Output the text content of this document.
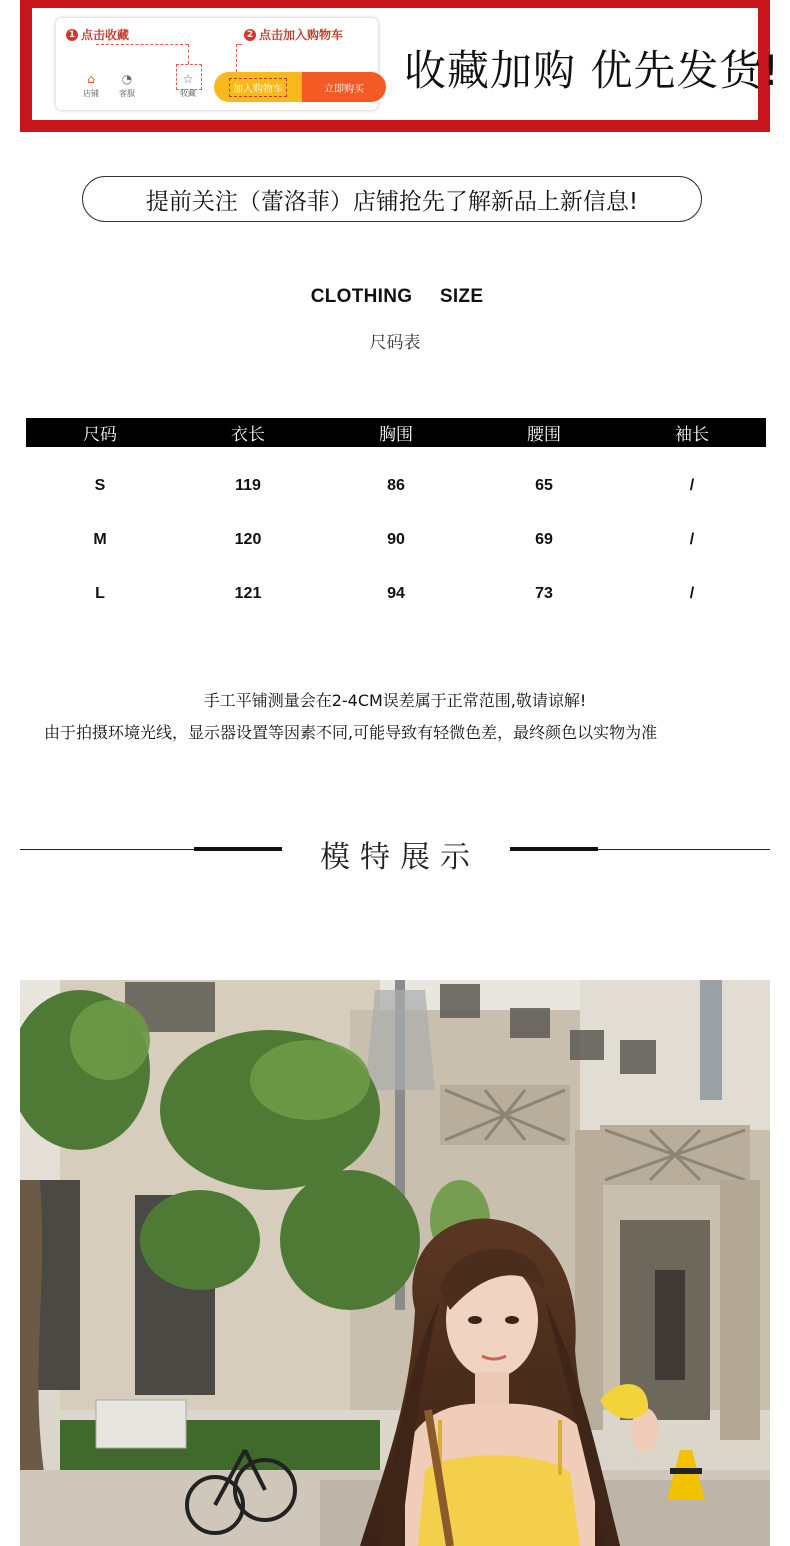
1 点击收藏	2 点击加入购物车
⌂
店铺
◔
客服
☆
收藏	加入购物车	立即购买 收藏加购 优先发货!
提前关注（蕾洛菲）店铺抢先了解新品上新信息!
CLOTHING SIZE
尺码表
尺码	衣长	胸围	腰围	袖长
S	119	86	65	/
M	120	90	69	/
L	121	94	73	/
手工平铺测量会在2-4CM误差属于正常范围,敬请谅解!
由于拍摄环境光线，显示器设置等因素不同,可能导致有轻微色差，最终颜色以实物为准
模特展示
